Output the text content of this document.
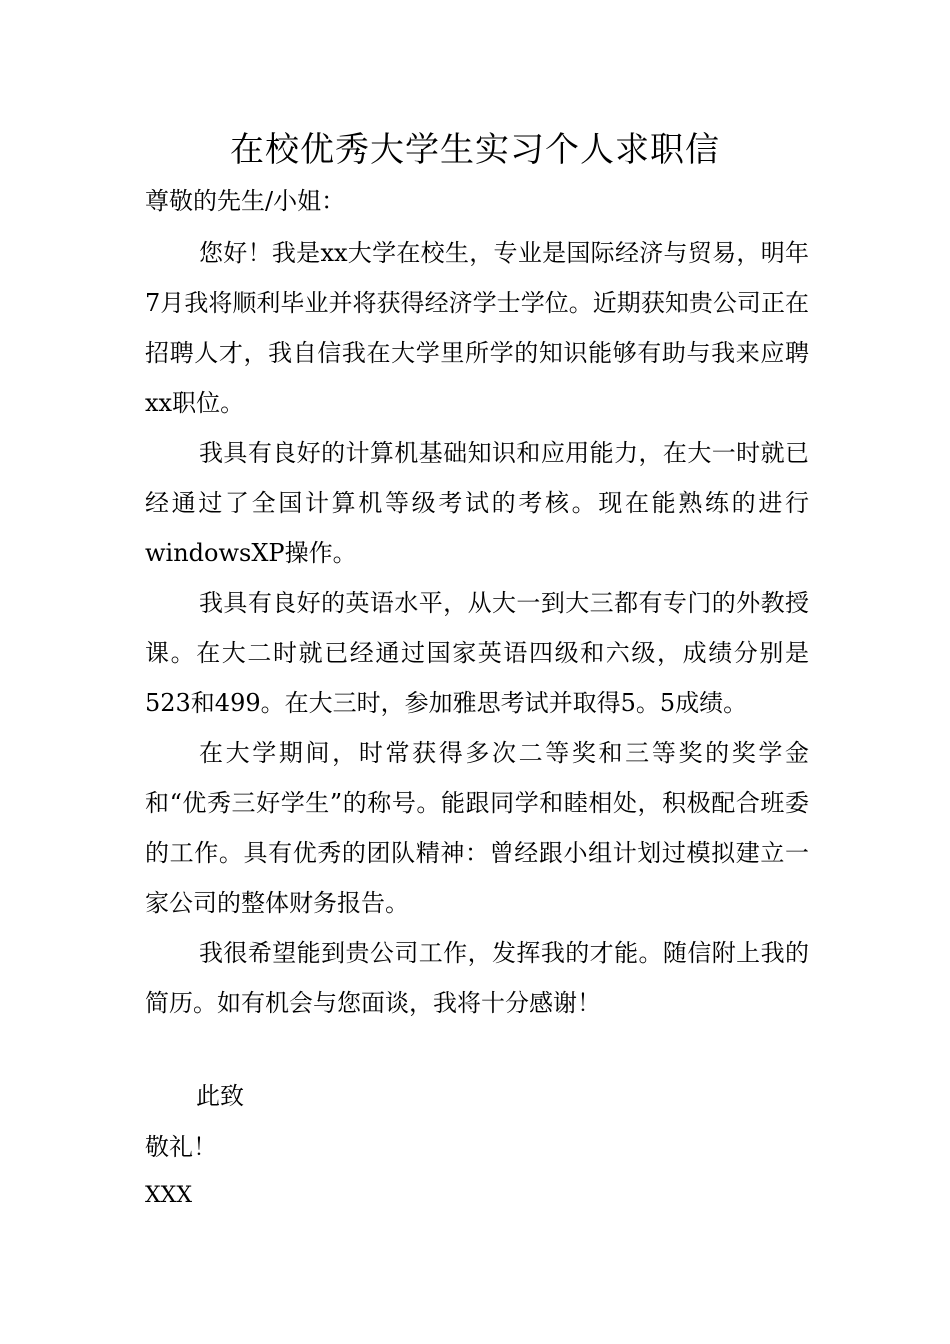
在校优秀大学生实习个人求职信
尊敬的先生/小姐：

您好！我是xx大学在校生，专业是国际经济与贸易，明年7月我将顺利毕业并将获得经济学士学位。近期获知贵公司正在招聘人才，我自信我在大学里所学的知识能够有助与我来应聘xx职位。

我具有良好的计算机基础知识和应用能力，在大一时就已经通过了全国计算机等级考试的考核。现在能熟练的进行windowsXP操作。

我具有良好的英语水平，从大一到大三都有专门的外教授课。在大二时就已经通过国家英语四级和六级，成绩分别是523和499。在大三时，参加雅思考试并取得5。5成绩。

在大学期间，时常获得多次二等奖和三等奖的奖学金和“优秀三好学生”的称号。能跟同学和睦相处，积极配合班委的工作。具有优秀的团队精神：曾经跟小组计划过模拟建立一家公司的整体财务报告。

我很希望能到贵公司工作，发挥我的才能。随信附上我的简历。如有机会与您面谈，我将十分感谢！

此致
敬礼！
XXX
